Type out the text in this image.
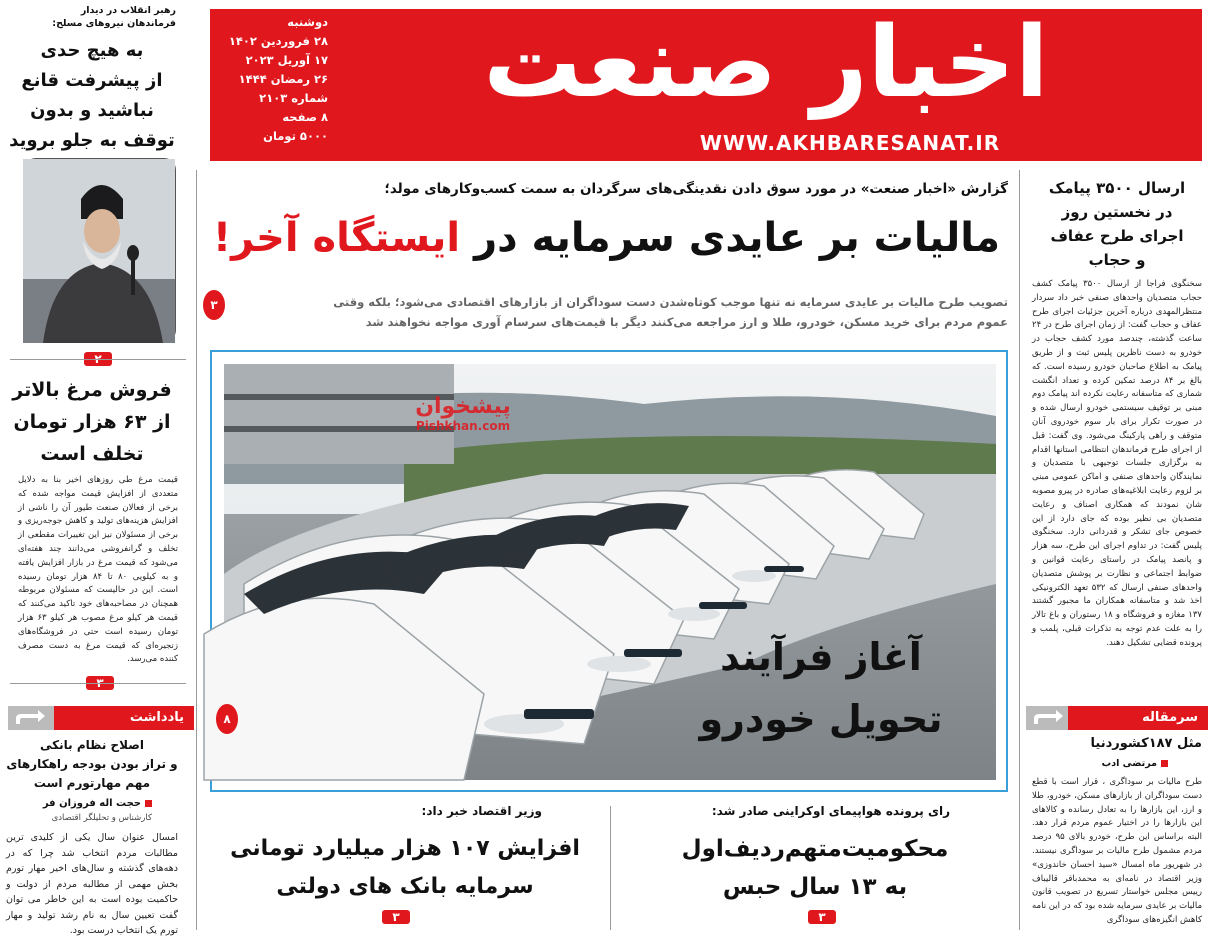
اخبار صنعت
WWW.AKHBARESANAT.IR
دوشنبه
۲۸ فروردین ۱۴۰۲
۱۷ آوریل ۲۰۲۳
۲۶ رمضان ۱۴۴۴
شماره ۲۱۰۳
۸ صفحه
۵۰۰۰ تومان
رهبر انقلاب در دیدار
فرماندهان نیروهای مسلح:
به هیچ حدی
از پیشرفت قانع
نباشید و بدون
توقف به جلو بروید
فروش مرغ بالاتر
از ۶۳ هزار تومان
تخلف است
قیمت مرغ طی روزهای اخیر بنا به دلایل متعددی از افزایش قیمت مواجه شده که برخی از فعالان صنعت طیور آن را ناشی از افزایش هزینه‌های تولید و کاهش جوجه‌ریزی و برخی از مسئولان نیز این تغییرات مقطعی از تخلف و گرانفروشی می‌دانند چند هفته‌ای می‌شود که قیمت مرغ در بازار افزایش یافته و به کیلویی ۸۰ تا ۸۴ هزار تومان رسیده است. این در حالیست که مسئولان مربوطه همچنان در مصاحبه‌های خود تاکید می‌کنند که قیمت هر کیلو مرغ مصوب هر کیلو ۶۳ هزار تومان رسیده است حتی در فروشگاه‌های زنجیره‌ای که قیمت مرغ به دست مصرف کننده می‌رسد.
یادداشت
اصلاح نظام بانکی
و تراز بودن بودجه راهکارهای
مهم مهارتورم است
حجت اله فروزان فر
کارشناس و تحلیلگر اقتصادی
امسال عنوان سال یکی از کلیدی ترین مطالبات مردم انتخاب شد چرا که در دهه‌های گذشته و سال‌های اخیر مهار تورم بخش مهمی از مطالبه مردم از دولت و حاکمیت بوده است به این خاطر می توان گفت تعیین سال به نام رشد تولید و مهار تورم یک انتخاب درست بود.
گزارش «اخبار صنعت» در مورد سوق دادن نقدینگی‌های سرگردان به سمت کسب‌وکارهای مولد؛
مالیات بر عایدی سرمایه در ایستگاه آخر!
۳	تصویب طرح مالیات بر عایدی سرمایه نه تنها موجب کوتاه‌شدن دست سوداگران از بازارهای اقتصادی می‌شود؛ بلکه وقتی
عموم مردم برای خرید مسکن، خودرو، طلا و ارز مراجعه می‌کنند دیگر با قیمت‌های سرسام آوری مواجه نخواهند شد
پیشخوان
Pishkhan.com
آغاز فرآیند
تحویل خودرو
۸
رای پرونده هواپیمای اوکراینی صادر شد:
محکومیت‌متهم‌ردیف‌اول
به ۱۳ سال حبس
۳
وزیر اقتصاد خبر داد:
افزایش ۱۰۷ هزار میلیارد تومانی
سرمایه بانک های دولتی
۳
ارسال ۳۵۰۰ پیامک
در نخستین روز
اجرای طرح عفاف
و حجاب
سخنگوی فراجا از ارسال ۳۵۰۰ پیامک کشف حجاب متصدیان واحدهای صنفی خبر داد سردار منتظرالمهدی درباره آخرین جزئیات اجرای طرح عفاف و حجاب گفت: از زمان اجرای طرح در ۲۴ ساعت گذشته، چندصد مورد کشف حجاب در خودرو به دست ناظرین پلیس ثبت و از طریق پیامک به اطلاع صاحبان خودرو رسیده است. که بالغ بر ۸۴ درصد تمکین کرده و تعداد انگشت شماری که متاسفانه رعایت نکرده اند پیامک دوم مبنی بر توقیف سیستمی خودرو ارسال شده و در صورت تکرار برای بار سوم خودروی آنان متوقف و راهی پارکینگ می‌شود. وی گفت: قبل از اجرای طرح فرماندهان انتظامی استانها اقدام به برگزاری جلسات توجیهی با متصدیان و نمایندگان واحدهای صنفی و اماکن عمومی مبنی بر لزوم رعایت ابلاغیه‌های صادره در پیرو مصوبه شان نمودند که همکاری اصناف و رعایت متصدیان بی نظیر بوده که جای دارد از این خصوص جای تشکر و قدردانی دارد. سخنگوی پلیس گفت: در تداوم اجرای این طرح، سه هزار و پانصد پیامک در راستای رعایت قوانین و ضوابط اجتماعی و نظارت بر پوشش متصدیان واحدهای صنفی ارسال که ۵۳۲ تعهد الکترونیکی اخذ شد و متاسفانه همکاران ما مجبور گشتند ۱۳۷ مغازه و فروشگاه و ۱۸ رستوران و باغ تالار را به علت عدم توجه به تذکرات قبلی، پلمب و پرونده قضایی تشکیل دهند.
سرمقاله
مثل ۱۸۷کشوردنیا
مرتضی ادب
طرح مالیات بر سوداگری ، قرار است با قطع دست سوداگران از بازارهای مسکن، خودرو، طلا و ارز، این بازارها را به تعادل رسانده و کالاهای این بازارها را در اختیار عموم مردم قرار دهد. البته براساس این طرح، خودرو بالای ۹۵ درصد مردم مشمول طرح مالیات بر سوداگری نیستند. در شهریور ماه امسال «سید احسان خاندوزی» وزیر اقتصاد در نامه‌ای به محمدباقر قالیباف رییس مجلس خواستار تسریع در تصویب قانون مالیات بر عایدی سرمایه شده بود که در این نامه کاهش انگیزه‌های سوداگری
